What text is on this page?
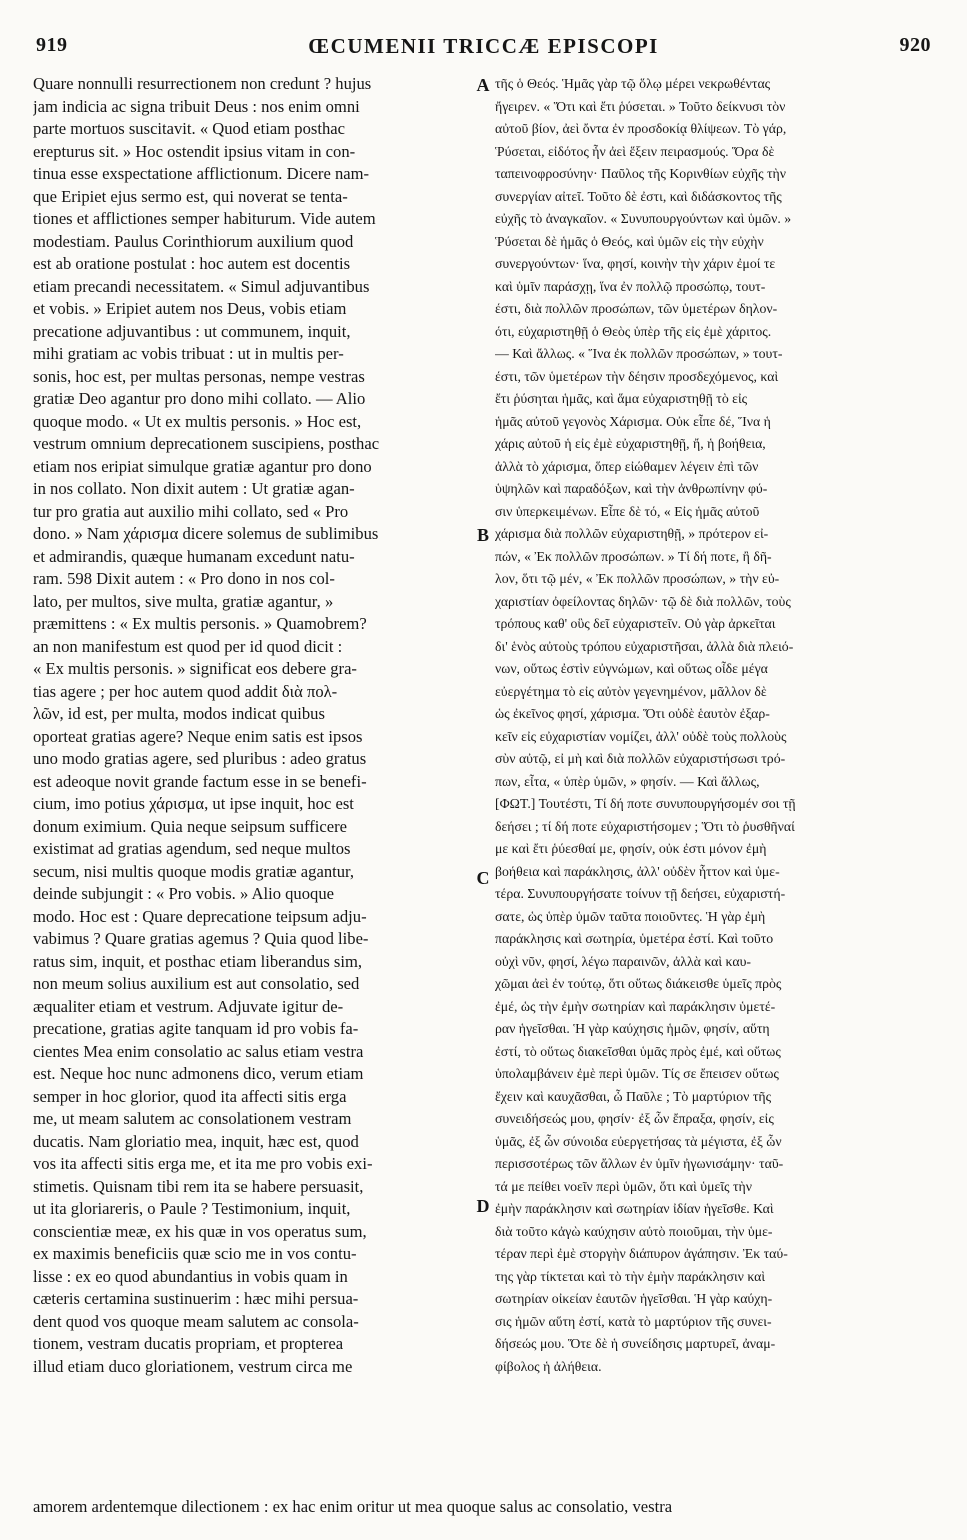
919	ŒCUMENII TRICCÆ EPISCOPI	920
Quare nonnulli resurrectionem non credunt ? hujus
jam indicia ac signa tribuit Deus : nos enim omni
parte mortuos suscitavit. « Quod etiam posthac
erepturus sit. » Hoc ostendit ipsius vitam in con-
tinua esse exspectatione afflictionum. Dicere nam-
que Eripiet ejus sermo est, qui noverat se tenta-
tiones et afflictiones semper habiturum. Vide autem
modestiam. Paulus Corinthiorum auxilium quod
est ab oratione postulat : hoc autem est docentis
etiam precandi necessitatem. « Simul adjuvantibus
et vobis. » Eripiet autem nos Deus, vobis etiam
precatione adjuvantibus : ut communem, inquit,
mihi gratiam ac vobis tribuat : ut in multis per-
sonis, hoc est, per multas personas, nempe vestras
gratiæ Deo agantur pro dono mihi collato. — Alio
quoque modo. « Ut ex multis personis. » Hoc est,
vestrum omnium deprecationem suscipiens, posthac
etiam nos eripiat simulque gratiæ agantur pro dono
in nos collato. Non dixit autem : Ut gratiæ agan-
tur pro gratia aut auxilio mihi collato, sed « Pro
dono. » Nam χάρισμα dicere solemus de sublimibus
et admirandis, quæque humanam excedunt natu-
ram. 598 Dixit autem : « Pro dono in nos col-
lato, per multos, sive multa, gratiæ agantur, »
præmittens : « Ex multis personis. » Quamobrem?
an non manifestum est quod per id quod dicit :
« Ex multis personis. » significat eos debere gra-
tias agere ; per hoc autem quod addit διὰ πολ-
λῶν, id est, per multa, modos indicat quibus
oporteat gratias agere? Neque enim satis est ipsos
uno modo gratias agere, sed pluribus : adeo gratus
est adeoque novit grande factum esse in se benefi-
cium, imo potius χάρισμα, ut ipse inquit, hoc est
donum eximium. Quia neque seipsum sufficere
existimat ad gratias agendum, sed neque multos
secum, nisi multis quoque modis gratiæ agantur,
deinde subjungit : « Pro vobis. » Alio quoque
modo. Hoc est : Quare deprecatione teipsum adju-
vabimus ? Quare gratias agemus ? Quia quod libe-
ratus sim, inquit, et posthac etiam liberandus sim,
non meum solius auxilium est aut consolatio, sed
æqualiter etiam et vestrum. Adjuvate igitur de-
precatione, gratias agite tanquam id pro vobis fa-
cientes Mea enim consolatio ac salus etiam vestra
est. Neque hoc nunc admonens dico, verum etiam
semper in hoc glorior, quod ita affecti sitis erga
me, ut meam salutem ac consolationem vestram
ducatis. Nam gloriatio mea, inquit, hæc est, quod
vos ita affecti sitis erga me, et ita me pro vobis exi-
stimetis. Quisnam tibi rem ita se habere persuasit,
ut ita gloriareris, o Paule ? Testimonium, inquit,
conscientiæ meæ, ex his quæ in vos operatus sum,
ex maximis beneficiis quæ scio me in vos contu-
lisse : ex eo quod abundantius in vobis quam in
cæteris certamina sustinuerim : hæc mihi persua-
dent quod vos quoque meam salutem ac consola-
tionem, vestram ducatis propriam, et propterea
illud etiam duco gloriationem, vestrum circa me
τῆς ὁ Θεός. Ἡμᾶς γὰρ τῷ ὅλῳ μέρει νεκρωθέντας
ἤγειρεν. « Ὅτι καὶ ἔτι ῥύσεται. » Τοῦτο δείκνυσι τὸν
αὐτοῦ βίον, ἀεὶ ὄντα ἐν προσδοκίᾳ θλίψεων. Τὸ γάρ,
Ῥύσεται, εἰδότος ἦν ἀεὶ ἕξειν πειρασμούς. Ὅρα δὲ
ταπεινοφροσύνην· Παῦλος τῆς Κορινθίων εὐχῆς τὴν
συνεργίαν αἰτεῖ. Τοῦτο δὲ ἐστι, καὶ διδάσκοντος τῆς
εὐχῆς τὸ ἀναγκαῖον. « Συνυπουργούντων καὶ ὑμῶν. »
Ῥύσεται δὲ ἡμᾶς ὁ Θεός, καὶ ὑμῶν εἰς τὴν εὐχὴν
συνεργούντων· ἵνα, φησί, κοινὴν τὴν χάριν ἐμοί τε
καὶ ὑμῖν παράσχῃ, ἵνα ἐν πολλῷ προσώπῳ, τουτ-
έστι, διὰ πολλῶν προσώπων, τῶν ὑμετέρων δηλον-
ότι, εὐχαριστηθῇ ὁ Θεὸς ὑπὲρ τῆς εἰς ἐμὲ χάριτος.
— Καὶ ἄλλως. « Ἵνα ἐκ πολλῶν προσώπων, » τουτ-
έστι, τῶν ὑμετέρων τὴν δέησιν προσδεχόμενος, καὶ
ἔτι ῥύσηται ἡμᾶς, καὶ ἅμα εὐχαριστηθῇ τὸ εἰς
ἡμᾶς αὐτοῦ γεγονὸς Χάρισμα. Οὐκ εἶπε δέ, Ἵνα ἡ
χάρις αὐτοῦ ἡ εἰς ἐμὲ εὐχαριστηθῇ, ἤ, ἡ βοήθεια,
ἀλλὰ τὸ χάρισμα, ὅπερ εἰώθαμεν λέγειν ἐπὶ τῶν
ὑψηλῶν καὶ παραδόξων, καὶ τὴν ἀνθρωπίνην φύ-
σιν ὑπερκειμένων. Εἶπε δὲ τό, « Εἰς ἡμᾶς αὐτοῦ
χάρισμα διὰ πολλῶν εὐχαριστηθῇ, » πρότερον εἰ-
πών, « Ἐκ πολλῶν προσώπων. » Τί δή ποτε, ἢ δῆ-
λον, ὅτι τῷ μέν, « Ἐκ πολλῶν προσώπων, » τὴν εὐ-
χαριστίαν ὀφείλοντας δηλῶν· τῷ δὲ διὰ πολλῶν, τοὺς
τρόπους καθ' οὓς δεῖ εὐχαριστεῖν. Οὐ γὰρ ἀρκεῖται
δι' ἑνὸς αὐτοὺς τρόπου εὐχαριστῆσαι, ἀλλὰ διὰ πλειό-
νων, οὕτως ἐστὶν εὐγνώμων, καὶ οὕτως οἶδε μέγα
εὐεργέτημα τὸ εἰς αὐτὸν γεγενημένον, μᾶλλον δὲ
ὡς ἐκεῖνος φησί, χάρισμα. Ὅτι οὐδὲ ἑαυτὸν ἐξαρ-
κεῖν εἰς εὐχαριστίαν νομίζει, ἀλλ' οὐδὲ τοὺς πολλοὺς
σὺν αὐτῷ, εἰ μὴ καὶ διὰ πολλῶν εὐχαριστήσωσι τρό-
πων, εἶτα, « ὑπὲρ ὑμῶν, » φησίν. — Καὶ ἄλλως,
[ΦΩΤ.] Τουτέστι, Τί δή ποτε συνυπουργήσομέν σοι τῇ
δεήσει ; τί δή ποτε εὐχαριστήσομεν ; Ὅτι τὸ ῥυσθῆναί
με καὶ ἔτι ῥύεσθαί με, φησίν, οὐκ ἐστι μόνον ἐμὴ
βοήθεια καὶ παράκλησις, ἀλλ' οὐδὲν ἧττον καὶ ὑμε-
τέρα. Συνυπουργήσατε τοίνυν τῇ δεήσει, εὐχαριστή-
σατε, ὡς ὑπὲρ ὑμῶν ταῦτα ποιοῦντες. Ἡ γὰρ ἐμὴ
παράκλησις καὶ σωτηρία, ὑμετέρα ἐστί. Καὶ τοῦτο
οὐχὶ νῦν, φησί, λέγω παραινῶν, ἀλλὰ καὶ καυ-
χῶμαι ἀεὶ ἐν τούτῳ, ὅτι οὕτως διάκεισθε ὑμεῖς πρὸς
ἐμέ, ὡς τὴν ἐμὴν σωτηρίαν καὶ παράκλησιν ὑμετέ-
ραν ἡγεῖσθαι. Ἡ γὰρ καύχησις ἡμῶν, φησίν, αὕτη
ἐστί, τὸ οὕτως διακεῖσθαι ὑμᾶς πρὸς ἐμέ, καὶ οὕτως
ὑπολαμβάνειν ἐμὲ περὶ ὑμῶν. Τίς σε ἔπεισεν οὕτως
ἔχειν καὶ καυχᾶσθαι, ὦ Παῦλε ; Τὸ μαρτύριον τῆς
συνειδήσεώς μου, φησίν· ἐξ ὧν ἔπραξα, φησίν, εἰς
ὑμᾶς, ἐξ ὧν σύνοιδα εὐεργετήσας τὰ μέγιστα, ἐξ ὧν
περισσοτέρως τῶν ἄλλων ἐν ὑμῖν ἠγωνισάμην· ταῦ-
τά με πείθει νοεῖν περὶ ὑμῶν, ὅτι καὶ ὑμεῖς τὴν
ἐμὴν παράκλησιν καὶ σωτηρίαν ἰδίαν ἡγεῖσθε. Καὶ
διὰ τοῦτο κἀγὼ καύχησιν αὐτὸ ποιοῦμαι, τὴν ὑμε-
τέραν περὶ ἐμὲ στοργὴν διάπυρον ἀγάπησιν. Ἐκ ταύ-
της γὰρ τίκτεται καὶ τὸ τὴν ἐμὴν παράκλησιν καὶ
σωτηρίαν οἰκείαν ἑαυτῶν ἡγεῖσθαι. Ἡ γὰρ καύχη-
σις ἡμῶν αὕτη ἐστί, κατὰ τὸ μαρτύριον τῆς συνει-
δήσεώς μου. Ὅτε δὲ ἡ συνείδησις μαρτυρεῖ, ἀναμ-
φίβολος ἡ ἀλήθεια.
A
B
C
D
amorem ardentemque dilectionem : ex hac enim oritur ut mea quoque salus ac consolatio, vestra
